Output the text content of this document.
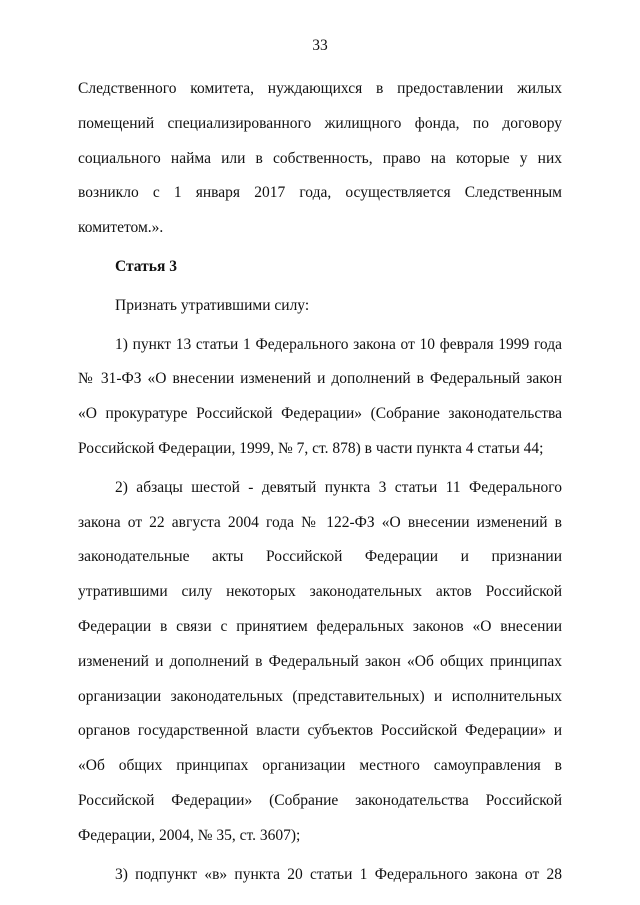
33

Следственного комитета, нуждающихся в предоставлении жилых помещений специализированного жилищного фонда, по договору социального найма или в собственность, право на которые у них возникло с 1 января 2017 года, осуществляется Следственным комитетом.».

Статья 3

Признать утратившими силу:

1) пункт 13 статьи 1 Федерального закона от 10 февраля 1999 года № 31-ФЗ «О внесении изменений и дополнений в Федеральный закон «О прокуратуре Российской Федерации» (Собрание законодательства Российской Федерации, 1999, № 7, ст. 878) в части пункта 4 статьи 44;

2) абзацы шестой - девятый пункта 3 статьи 11 Федерального закона от 22 августа 2004 года № 122-ФЗ «О внесении изменений в законодательные акты Российской Федерации и признании утратившими силу некоторых законодательных актов Российской Федерации в связи с принятием федеральных законов «О внесении изменений и дополнений в Федеральный закон «Об общих принципах организации законодательных (представительных) и исполнительных органов государственной власти субъектов Российской Федерации» и «Об общих принципах организации местного самоуправления в Российской Федерации» (Собрание законодательства Российской Федерации, 2004, № 35, ст. 3607);

3) подпункт «в» пункта 20 статьи 1 Федерального закона от 28
